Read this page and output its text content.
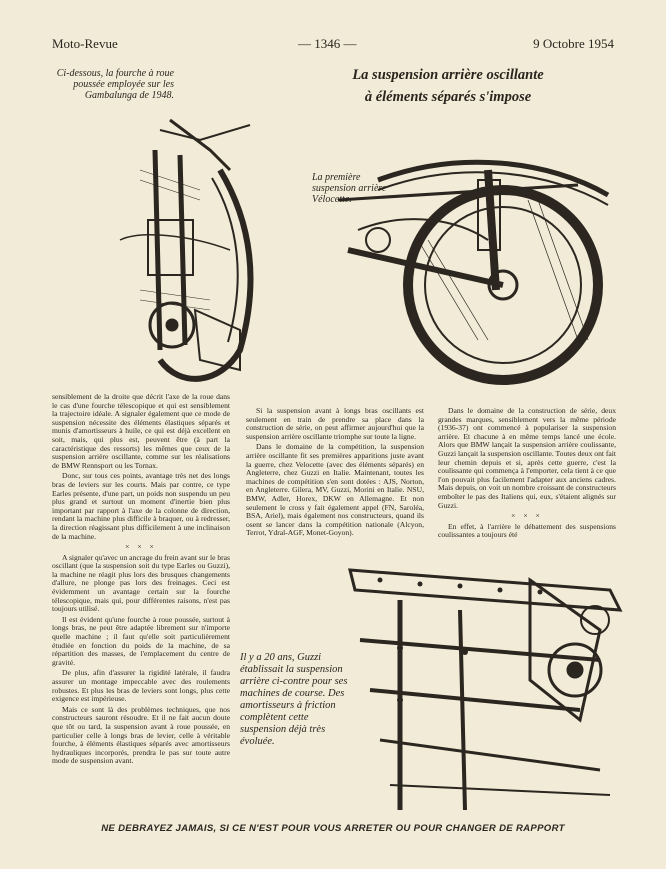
Moto-Revue	— 1346 —	9 Octobre 1954
La suspension arrière oscillante
à éléments séparés s'impose
Ci-dessous, la fourche à roue poussée employée sur les Gambalunga de 1948.
La première suspension arrière Vélocette.
Il y a 20 ans, Guzzi établissait la suspension arrière ci-contre pour ses machines de course. Des amortisseurs à friction complètent cette suspension déjà très évoluée.

sensiblement de la droite que décrit l'axe de la roue dans le cas d'une fourche télescopique et qui est sensiblement la trajectoire idéale. A signaler également que ce mode de suspension nécessite des éléments élastiques séparés et munis d'amortisseurs à huile, ce qui est déjà excellent en soit, mais, qui plus est, peuvent être (à part la caractéristique des ressorts) les mêmes que ceux de la suspension arrière oscillante, comme sur les réalisations de BMW Rennsport ou les Tornax.

Donc, sur tous ces points, avantage très net des longs bras de leviers sur les courts. Mais par contre, ce type Earles présente, d'une part, un poids non suspendu un peu plus grand et surtout un moment d'inertie bien plus important par rapport à l'axe de la colonne de direction, rendant la machine plus difficile à braquer, ou à redresser, la direction réagissant plus difficilement à une inclinaison de la machine.

× × ×

A signaler qu'avec un ancrage du frein avant sur le bras oscillant (que la suspension soit du type Earles ou Guzzi), la machine ne réagit plus lors des brusques changements d'allure, ne plonge pas lors des freinages. Ceci est évidemment un avantage certain sur la fourche télescopique, mais qui, pour différentes raisons, n'est pas toujours utilisé.

Il est évident qu'une fourche à roue poussée, surtout à longs bras, ne peut être adaptée librement sur n'importe quelle machine ; il faut qu'elle soit particulièrement étudiée en fonction du poids de la machine, de sa répartition des masses, de l'emplacement du centre de gravité.

De plus, afin d'assurer la rigidité latérale, il faudra assurer un montage impeccable avec des roulements robustes. Et plus les bras de leviers sont longs, plus cette exigence est impérieuse.

Mais ce sont là des problèmes techniques, que nos constructeurs sauront résoudre. Et il ne fait aucun doute que tôt ou tard, la suspension avant à roue poussée, en particulier celle à longs bras de levier, celle à véritable fourche, à éléments élastiques séparés avec amortisseurs hydrauliques incorporés, prendra le pas sur toute autre mode de suspension avant.

Si la suspension avant à longs bras oscillants est seulement en train de prendre sa place dans la construction de série, on peut affirmer aujourd'hui que la suspension arrière oscillante triomphe sur toute la ligne.

Dans le domaine de la compétition, la suspension arrière oscillante fit ses premières apparitions juste avant la guerre, chez Velocette (avec des éléments séparés) en Angleterre, chez Guzzi en Italie. Maintenant, toutes les machines de compétition s'en sont dotées : AJS, Norton, en Angleterre. Gilera, MV, Guzzi, Morini en Italie. NSU, BMW, Adler, Horex, DKW en Allemagne. Et non seulement le cross y fait également appel (FN, Saroléa, BSA, Ariel), mais également nos constructeurs, quand ils osent se lancer dans la compétition nationale (Alcyon, Terrot, Ydral-AGF, Monet-Goyon).

Dans le domaine de la construction de série, deux grandes marques, sensiblement vers la même période (1936-37) ont commencé à populariser la suspension arrière. Et chacune à en même temps lancé une école. Alors que BMW lançait la suspension arrière coulissante, Guzzi lançait la suspension oscillante. Toutes deux ont fait leur chemin depuis et si, après cette guerre, c'est la coulissante qui commença à l'emporter, cela tient à ce que l'on pouvait plus facilement l'adapter aux anciens cadres. Mais depuis, on voit un nombre croissant de constructeurs emboîter le pas des Italiens qui, eux, s'étaient alignés sur Guzzi.

× × ×

En effet, à l'arrière le débattement des suspensions coulissantes a toujours été

NE DEBRAYEZ JAMAIS, SI CE N'EST POUR VOUS ARRETER OU POUR CHANGER DE RAPPORT
